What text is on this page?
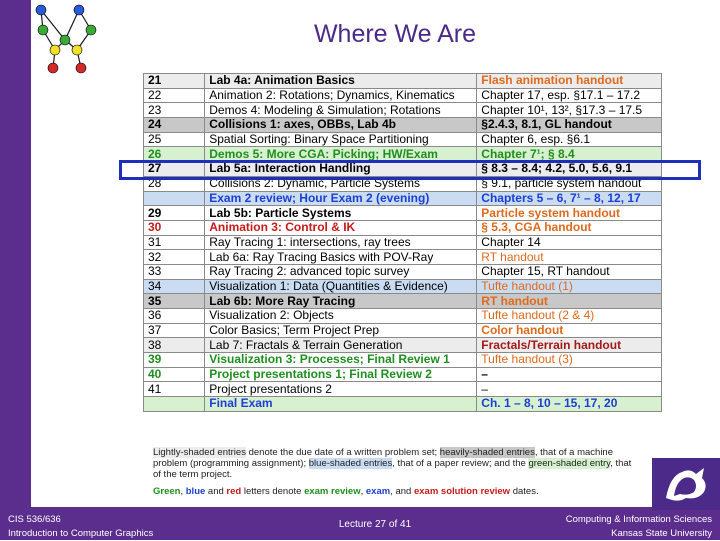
Where We Are
21	Lab 4a: Animation Basics	Flash animation handout
22	Animation 2: Rotations; Dynamics, Kinematics	Chapter 17, esp. §17.1 – 17.2
23	Demos 4: Modeling & Simulation; Rotations	Chapter 10¹, 13², §17.3 – 17.5
24	Collisions 1: axes, OBBs, Lab 4b	§2.4.3, 8.1, GL handout
25	Spatial Sorting: Binary Space Partitioning	Chapter 6, esp. §6.1
26	Demos 5: More CGA: Picking; HW/Exam	Chapter 7¹; § 8.4
27	Lab 5a: Interaction Handling	§ 8.3 – 8.4; 4.2, 5.0, 5.6, 9.1
28	Collisions 2: Dynamic, Particle Systems	§ 9.1, particle system handout
	Exam 2 review; Hour Exam 2 (evening)	Chapters 5 – 6, 7¹ – 8, 12, 17
29	Lab 5b: Particle Systems	Particle system handout
30	Animation 3: Control & IK	§ 5.3, CGA handout
31	Ray Tracing 1: intersections, ray trees	Chapter 14
32	Lab 6a: Ray Tracing Basics with POV-Ray	RT handout
33	Ray Tracing 2: advanced topic survey	Chapter 15, RT handout
34	Visualization 1: Data (Quantities & Evidence)	Tufte handout (1)
35	Lab 6b: More Ray Tracing	RT handout
36	Visualization 2: Objects	Tufte handout (2 & 4)
37	Color Basics; Term Project Prep	Color handout
38	Lab 7: Fractals & Terrain Generation	Fractals/Terrain handout
39	Visualization 3: Processes; Final Review 1	Tufte handout (3)
40	Project presentations 1; Final Review 2	–
41	Project presentations 2	–
	Final Exam	Ch. 1 – 8, 10 – 15, 17, 20
Lightly-shaded entries denote the due date of a written problem set; heavily-shaded entries, that of a machine problem (programming assignment); blue-shaded entries, that of a paper review; and the green-shaded entry, that of the term project.
Green, blue and red letters denote exam review, exam, and exam solution review dates.
CIS 536/636
Introduction to Computer Graphics
Lecture 27 of 41	Computing & Information Sciences
Kansas State University
